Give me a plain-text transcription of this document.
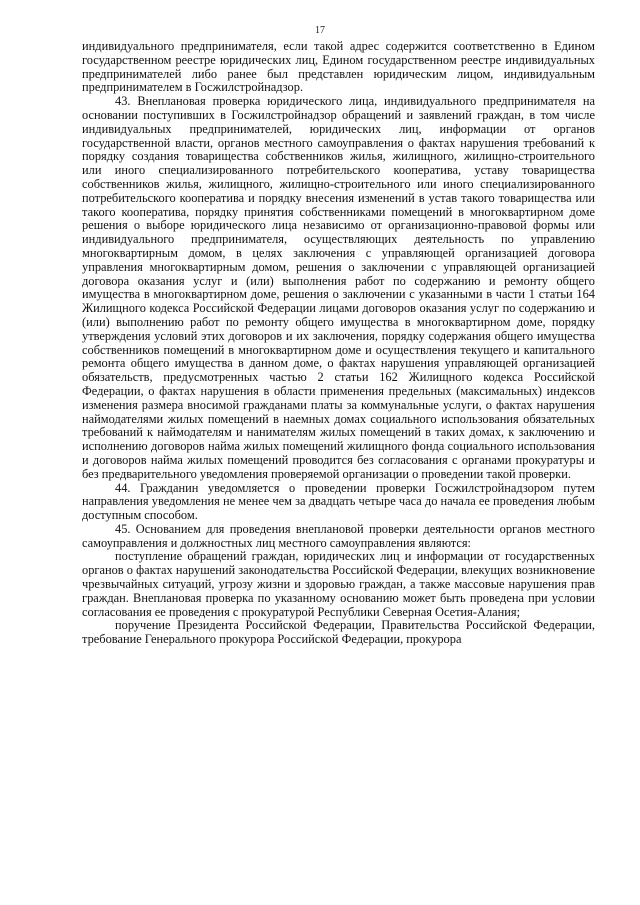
17

индивидуального предпринимателя, если такой адрес содержится соответственно в Едином государственном реестре юридических лиц, Едином государственном реестре индивидуальных предпринимателей либо ранее был представлен юридическим лицом, индивидуальным предпринимателем в Госжилстройнадзор.

43. Внеплановая проверка юридического лица, индивидуального предпринимателя на основании поступивших в Госжилстройнадзор обращений и заявлений граждан, в том числе индивидуальных предпринимателей, юридических лиц, информации от органов государственной власти, органов местного самоуправления о фактах нарушения требований к порядку создания товарищества собственников жилья, жилищного, жилищно-строительного или иного специализированного потребительского кооператива, уставу товарищества собственников жилья, жилищного, жилищно-строительного или иного специализированного потребительского кооператива и порядку внесения изменений в устав такого товарищества или такого кооператива, порядку принятия собственниками помещений в многоквартирном доме решения о выборе юридического лица независимо от организационно-правовой формы или индивидуального предпринимателя, осуществляющих деятельность по управлению многоквартирным домом, в целях заключения с управляющей организацией договора управления многоквартирным домом, решения о заключении с управляющей организацией договора оказания услуг и (или) выполнения работ по содержанию и ремонту общего имущества в многоквартирном доме, решения о заключении с указанными в части 1 статьи 164 Жилищного кодекса Российской Федерации лицами договоров оказания услуг по содержанию и (или) выполнению работ по ремонту общего имущества в многоквартирном доме, порядку утверждения условий этих договоров и их заключения, порядку содержания общего имущества собственников помещений в многоквартирном доме и осуществления текущего и капитального ремонта общего имущества в данном доме, о фактах нарушения управляющей организацией обязательств, предусмотренных частью 2 статьи 162 Жилищного кодекса Российской Федерации, о фактах нарушения в области применения предельных (максимальных) индексов изменения размера вносимой гражданами платы за коммунальные услуги, о фактах нарушения наймодателями жилых помещений в наемных домах социального использования обязательных требований к наймодателям и нанимателям жилых помещений в таких домах, к заключению и исполнению договоров найма жилых помещений жилищного фонда социального использования и договоров найма жилых помещений проводится без согласования с органами прокуратуры и без предварительного уведомления проверяемой организации о проведении такой проверки.

44. Гражданин уведомляется о проведении проверки Госжилстройнадзором путем направления уведомления не менее чем за двадцать четыре часа до начала ее проведения любым доступным способом.

45. Основанием для проведения внеплановой проверки деятельности органов местного самоуправления и должностных лиц местного самоуправления являются:

поступление обращений граждан, юридических лиц и информации от государственных органов о фактах нарушений законодательства Российской Федерации, влекущих возникновение чрезвычайных ситуаций, угрозу жизни и здоровью граждан, а также массовые нарушения прав граждан. Внеплановая проверка по указанному основанию может быть проведена при условии согласования ее проведения с прокуратурой Республики Северная Осетия-Алания;

поручение Президента Российской Федерации, Правительства Российской Федерации, требование Генерального прокурора Российской Федерации, прокурора
